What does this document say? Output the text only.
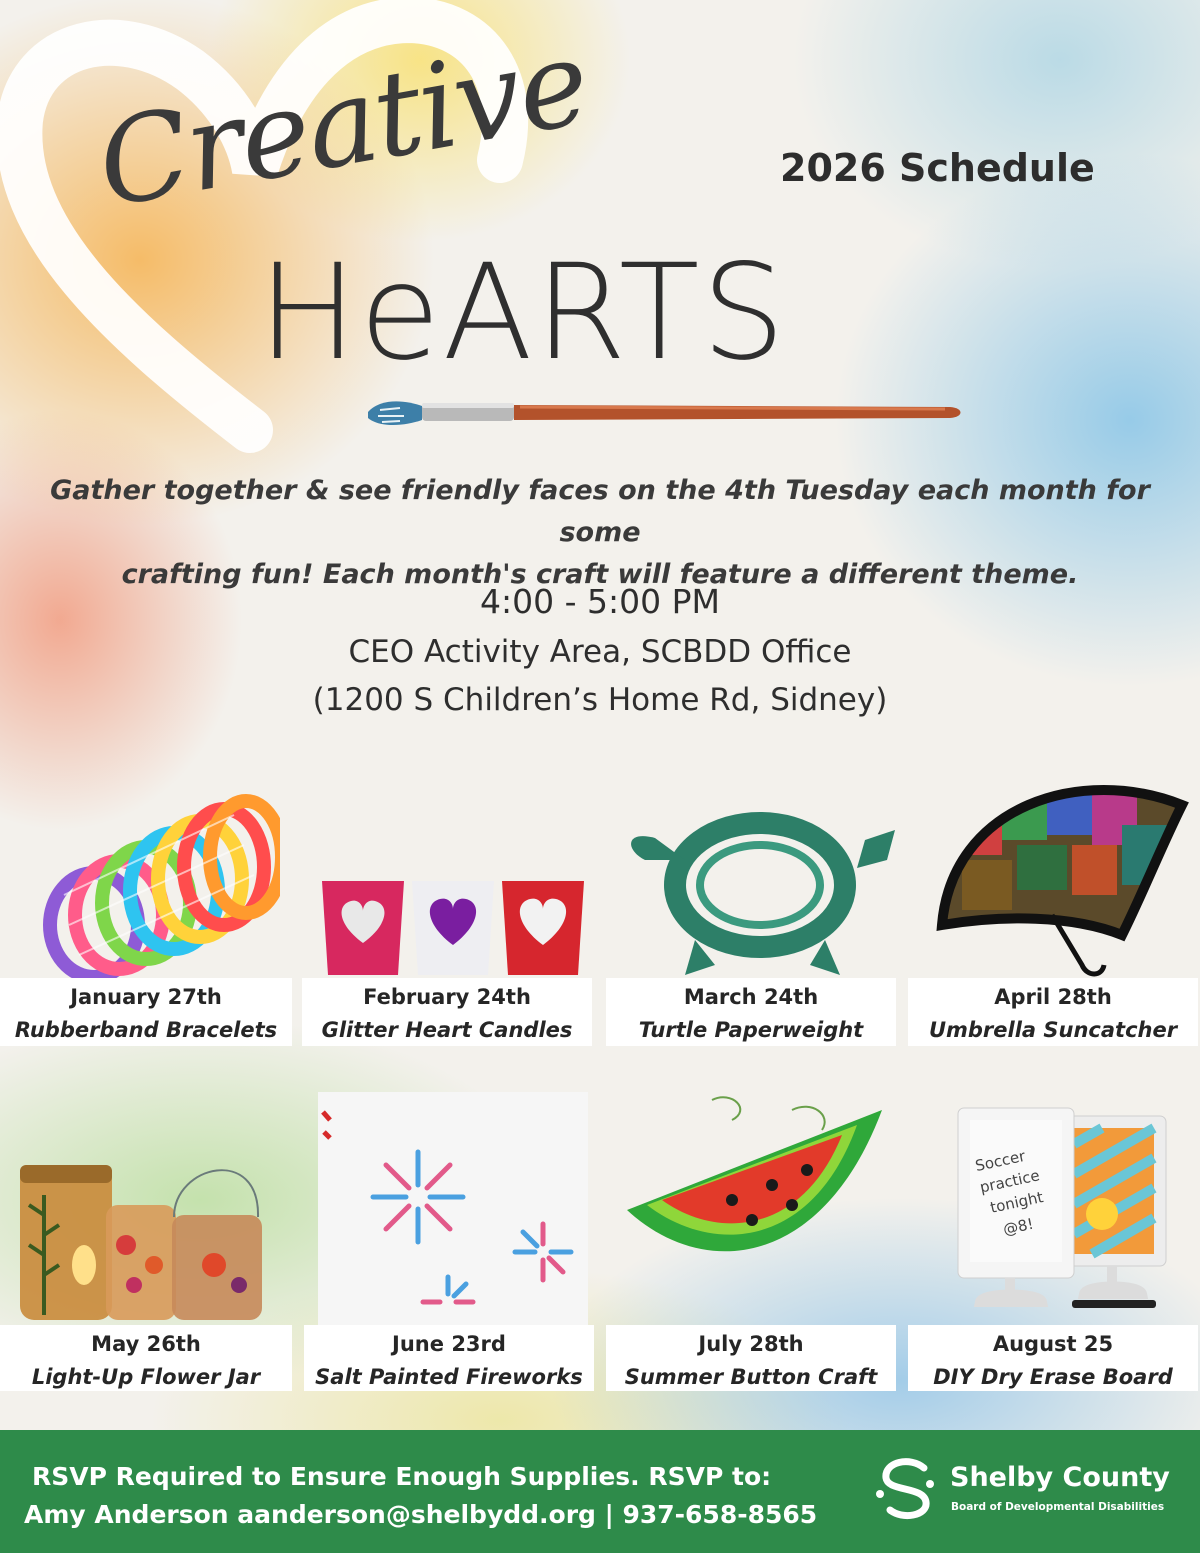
Creative
HeARTS
2026 Schedule
Gather together & see friendly faces on the 4th Tuesday each month for some
crafting fun! Each month's craft will feature a different theme.
4:00 - 5:00 PM
CEO Activity Area, SCBDD Office
(1200 S Children’s Home Rd, Sidney)
January 27th
Rubberband Bracelets
February 24th
Glitter Heart Candles
March 24th
Turtle Paperweight
April 28th
Umbrella Suncatcher
Soccer
practice
tonight
@8!
May 26th
Light-Up Flower Jar
June 23rd
Salt Painted Fireworks
July 28th
Summer Button Craft
August 25
DIY Dry Erase Board
RSVP Required to Ensure Enough Supplies. RSVP to:
Amy Anderson aanderson@shelbydd.org | 937-658-8565
Shelby County
Board of Developmental Disabilities
